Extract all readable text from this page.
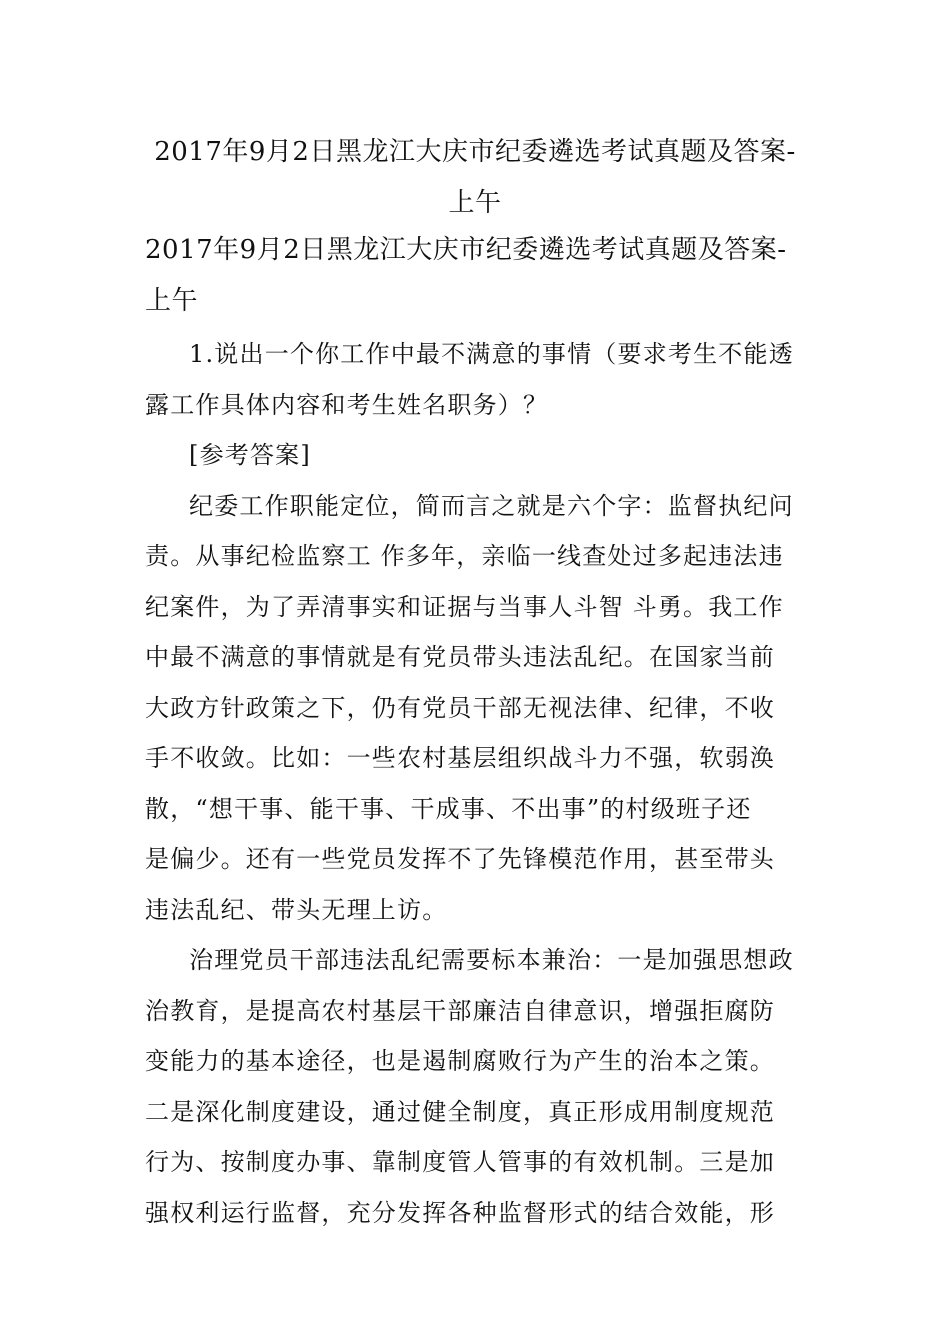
2017年9月2日黑龙江大庆市纪委遴选考试真题及答案-
上午
2017年9月2日黑龙江大庆市纪委遴选考试真题及答案-
上午
1.说出一个你工作中最不满意的事情（要求考生不能透
露工作具体内容和考生姓名职务）？
[参考答案]
纪委工作职能定位，简而言之就是六个字：监督执纪问
责。从事纪检监察工 作多年，亲临一线查处过多起违法违
纪案件，为了弄清事实和证据与当事人斗智 斗勇。我工作
中最不满意的事情就是有党员带头违法乱纪。在国家当前
大政方针政策之下，仍有党员干部无视法律、纪律，不收
手不收敛。比如：一些农村基层组织战斗力不强，软弱涣
散，“想干事、能干事、干成事、不出事”的村级班子还
是偏少。还有一些党员发挥不了先锋模范作用，甚至带头
违法乱纪、带头无理上访。
治理党员干部违法乱纪需要标本兼治：一是加强思想政
治教育，是提高农村基层干部廉洁自律意识，增强拒腐防
变能力的基本途径，也是遏制腐败行为产生的治本之策。
二是深化制度建设，通过健全制度，真正形成用制度规范
行为、按制度办事、靠制度管人管事的有效机制。三是加
强权利运行监督，充分发挥各种监督形式的结合效能，形
